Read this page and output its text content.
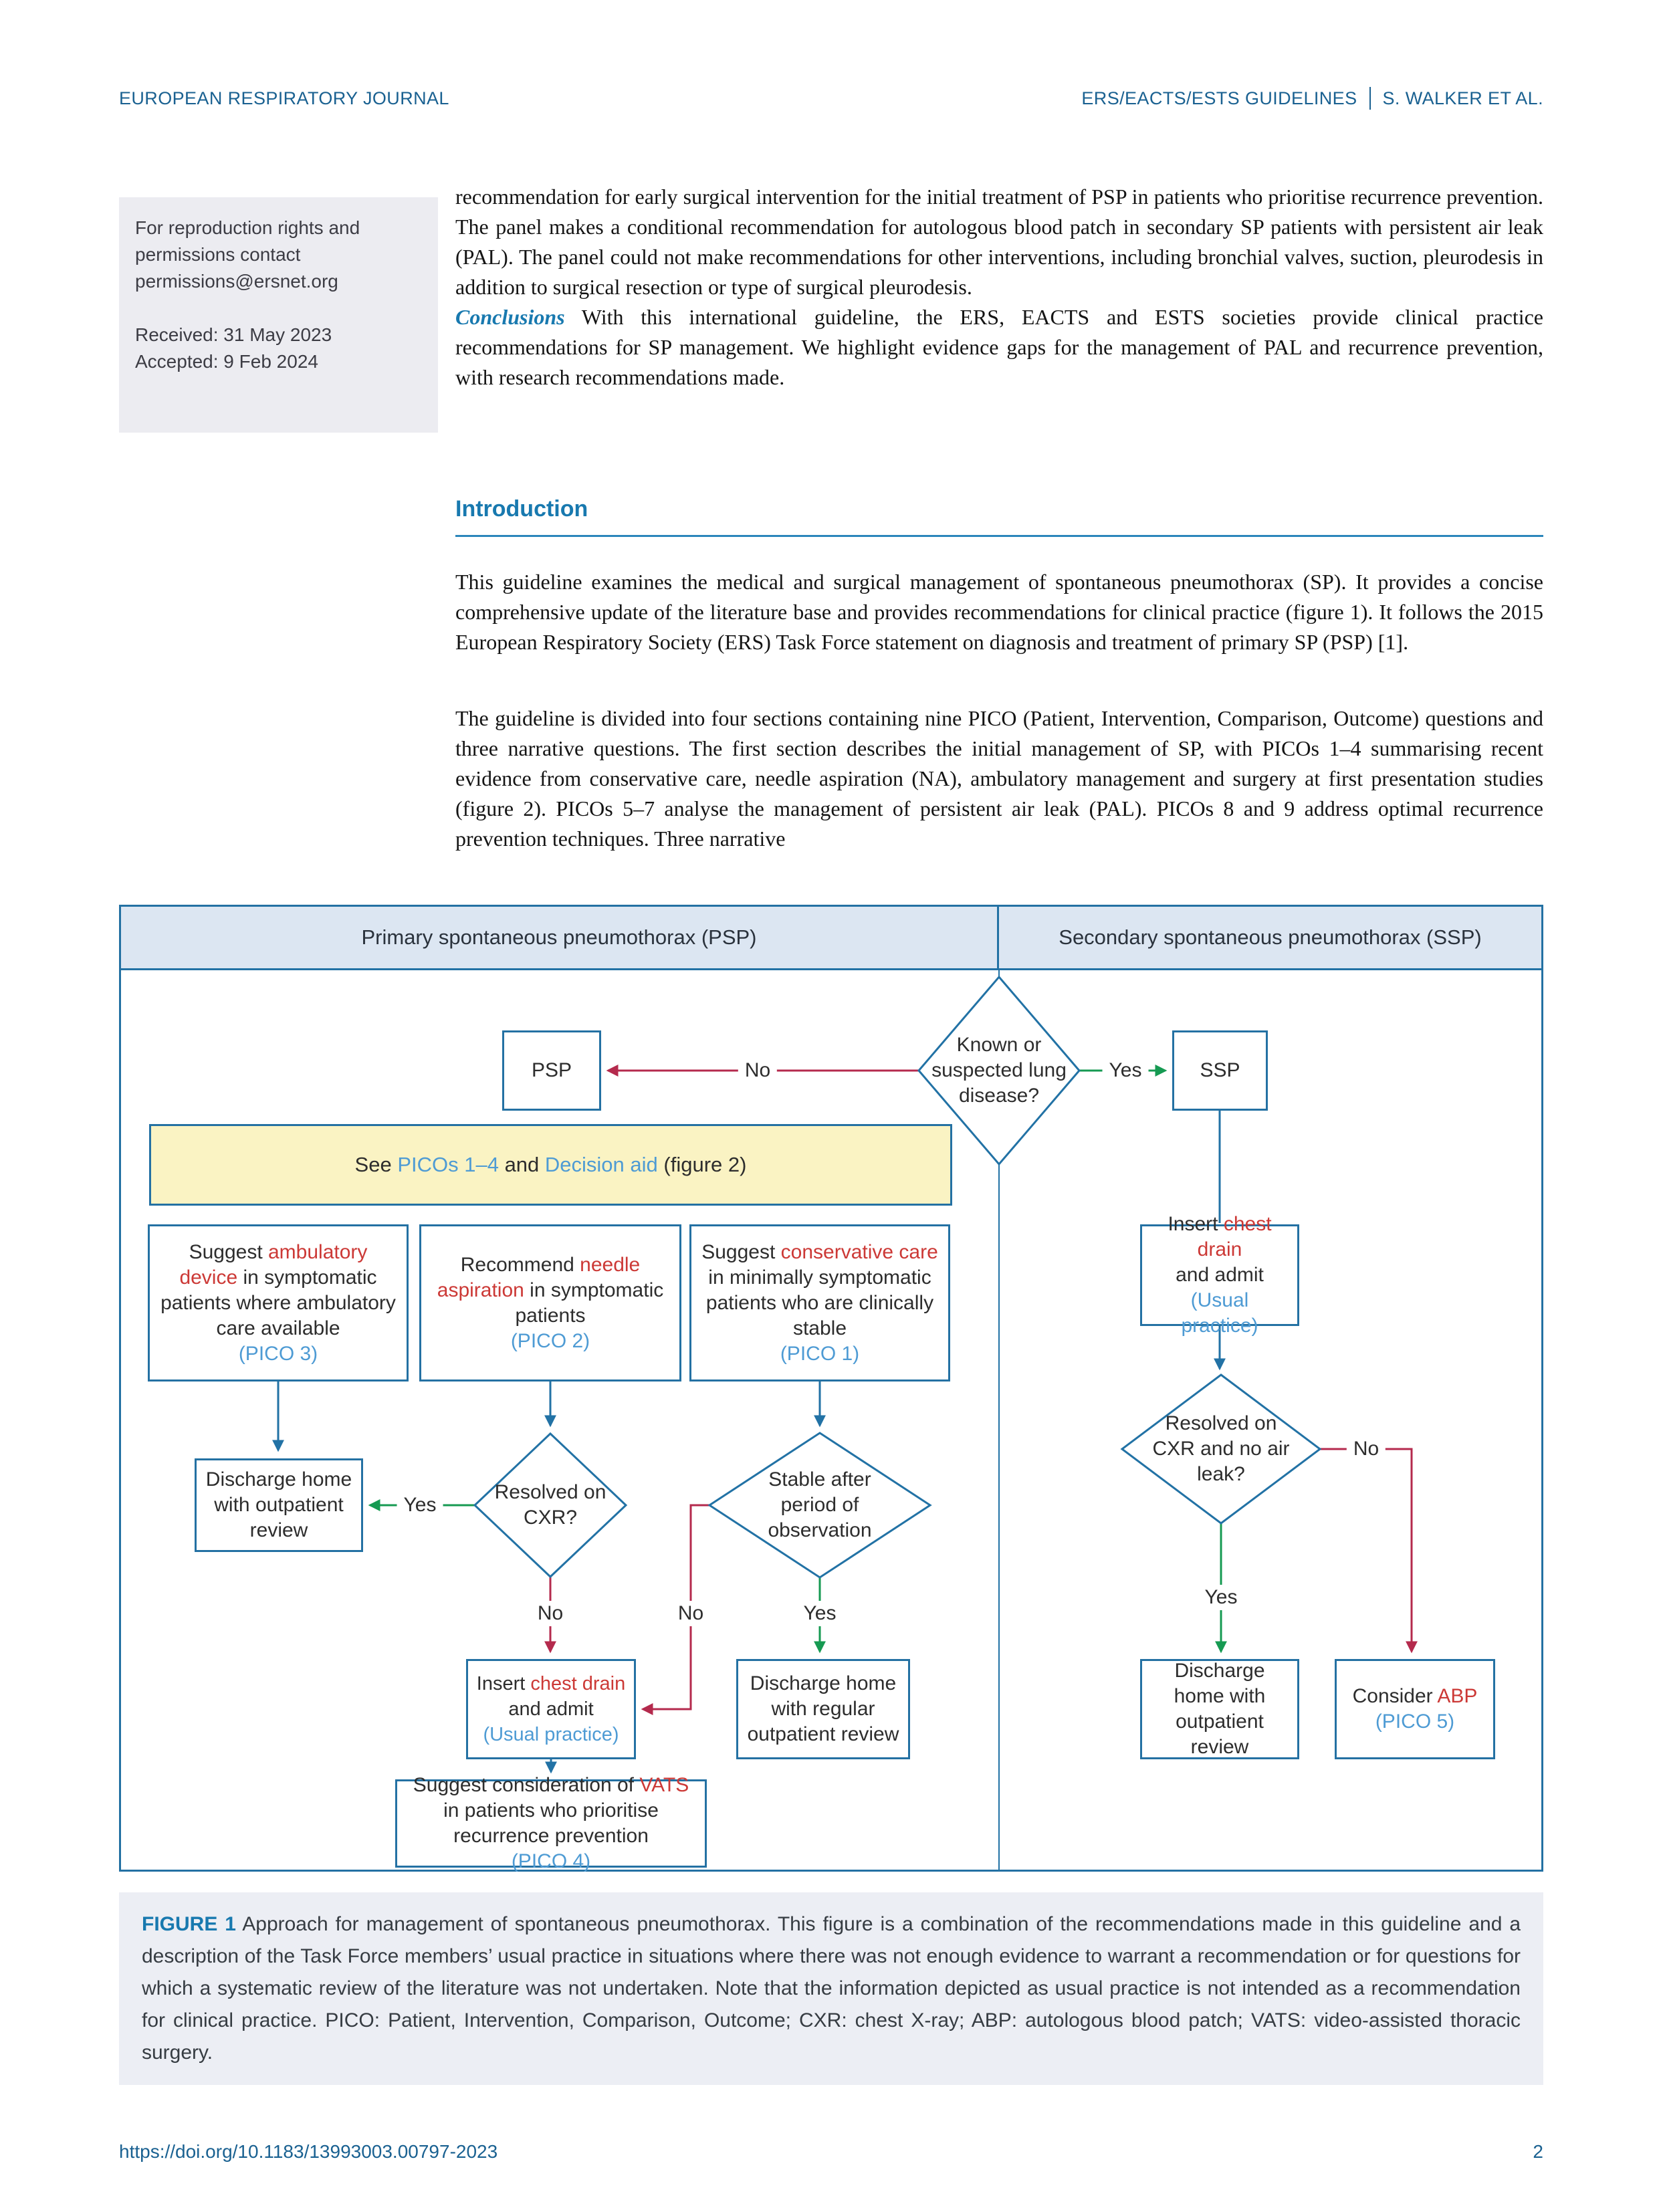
EUROPEAN RESPIRATORY JOURNAL	ERS/EACTS/ESTS GUIDELINES S. WALKER ET AL.

For reproduction rights and permissions contact permissions@ersnet.org

Received: 31 May 2023

Accepted: 9 Feb 2024

recommendation for early surgical intervention for the initial treatment of PSP in patients who prioritise recurrence prevention. The panel makes a conditional recommendation for autologous blood patch in secondary SP patients with persistent air leak (PAL). The panel could not make recommendations for other interventions, including bronchial valves, suction, pleurodesis in addition to surgical resection or type of surgical pleurodesis.
Conclusions With this international guideline, the ERS, EACTS and ESTS societies provide clinical practice recommendations for SP management. We highlight evidence gaps for the management of PAL and recurrence prevention, with research recommendations made.
Introduction

This guideline examines the medical and surgical management of spontaneous pneumothorax (SP). It provides a concise comprehensive update of the literature base and provides recommendations for clinical practice (figure 1). It follows the 2015 European Respiratory Society (ERS) Task Force statement on diagnosis and treatment of primary SP (PSP) [1].

The guideline is divided into four sections containing nine PICO (Patient, Intervention, Comparison, Outcome) questions and three narrative questions. The first section describes the initial management of SP, with PICOs 1–4 summarising recent evidence from conservative care, needle aspiration (NA), ambulatory management and surgery at first presentation studies (figure 2). PICOs 5–7 analyse the management of persistent air leak (PAL). PICOs 8 and 9 address optimal recurrence prevention techniques. Three narrative

Primary spontaneous pneumothorax (PSP)	Secondary spontaneous pneumothorax (SSP)
Known or suspected lung disease?
Resolved on CXR?
Stable after period of observation
Resolved on CXR and no air leak?
PSP	SSP
See PICOs 1–4 and Decision aid (figure 2)
Suggest ambulatory device in symptomatic patients where ambulatory care available
(PICO 3)
Recommend needle aspiration in symptomatic patients
(PICO 2)
Suggest conservative care in minimally symptomatic patients who are clinically stable
(PICO 1)
Insert chest drain
and admit
(Usual practice)
Discharge home with outpatient review
Insert chest drain
and admit
(Usual practice)
Discharge home with regular outpatient review
Suggest consideration of VATS in patients who prioritise recurrence prevention
(PICO 4)
Discharge home with outpatient review
Consider ABP
(PICO 5)
No	Yes
Yes
No	No	Yes
No
Yes
FIGURE 1 Approach for management of spontaneous pneumothorax. This figure is a combination of the recommendations made in this guideline and a description of the Task Force members’ usual practice in situations where there was not enough evidence to warrant a recommendation or for questions for which a systematic review of the literature was not undertaken. Note that the information depicted as usual practice is not intended as a recommendation for clinical practice. PICO: Patient, Intervention, Comparison, Outcome; CXR: chest X-ray; ABP: autologous blood patch; VATS: video-assisted thoracic surgery.
https://doi.org/10.1183/13993003.00797-2023	2
